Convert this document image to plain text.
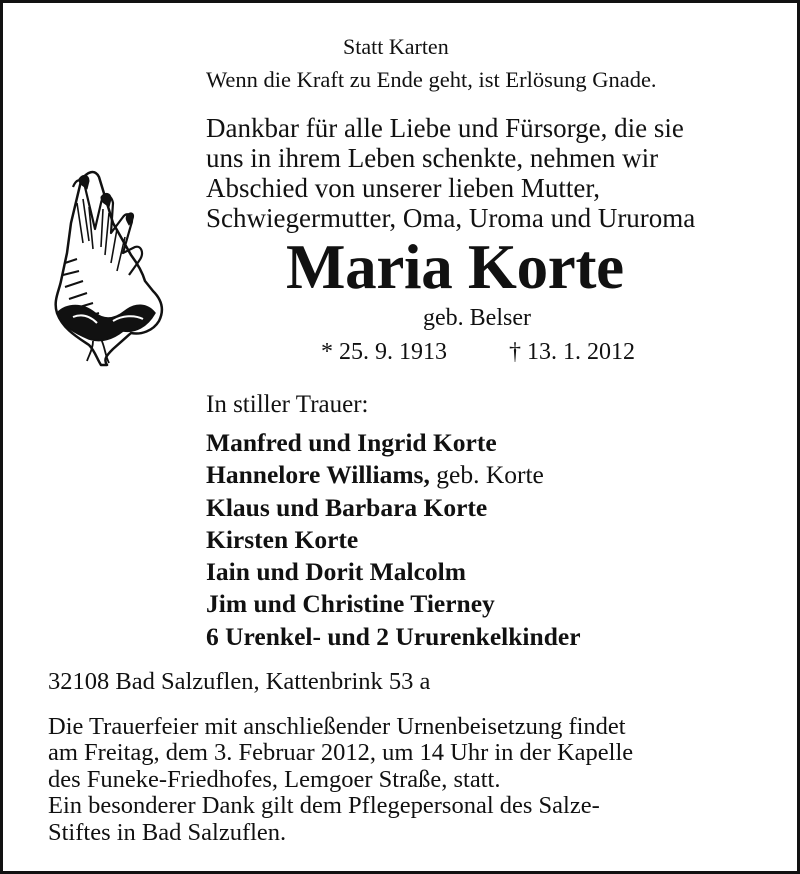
Statt Karten
Wenn die Kraft zu Ende geht, ist Erlösung Gnade.
Dankbar für alle Liebe und Fürsorge, die sie
uns in ihrem Leben schenkte, nehmen wir
Abschied von unserer lieben Mutter,
Schwiegermutter, Oma, Uroma und Ururoma
Maria Korte
geb. Belser
* 25. 9. 1913	† 13. 1. 2012
In stiller Trauer:
Manfred und Ingrid Korte
Hannelore Williams, geb. Korte
Klaus und Barbara Korte
Kirsten Korte
Iain und Dorit Malcolm
Jim und Christine Tierney
6 Urenkel- und 2 Ururenkelkinder
32108 Bad Salzuflen, Kattenbrink 53 a
Die Trauerfeier mit anschließender Urnenbeisetzung findet
am Freitag, dem 3. Februar 2012, um 14 Uhr in der Kapelle
des Funeke-Friedhofes, Lemgoer Straße, statt.
Ein besonderer Dank gilt dem Pflegepersonal des Salze-
Stiftes in Bad Salzuflen.
